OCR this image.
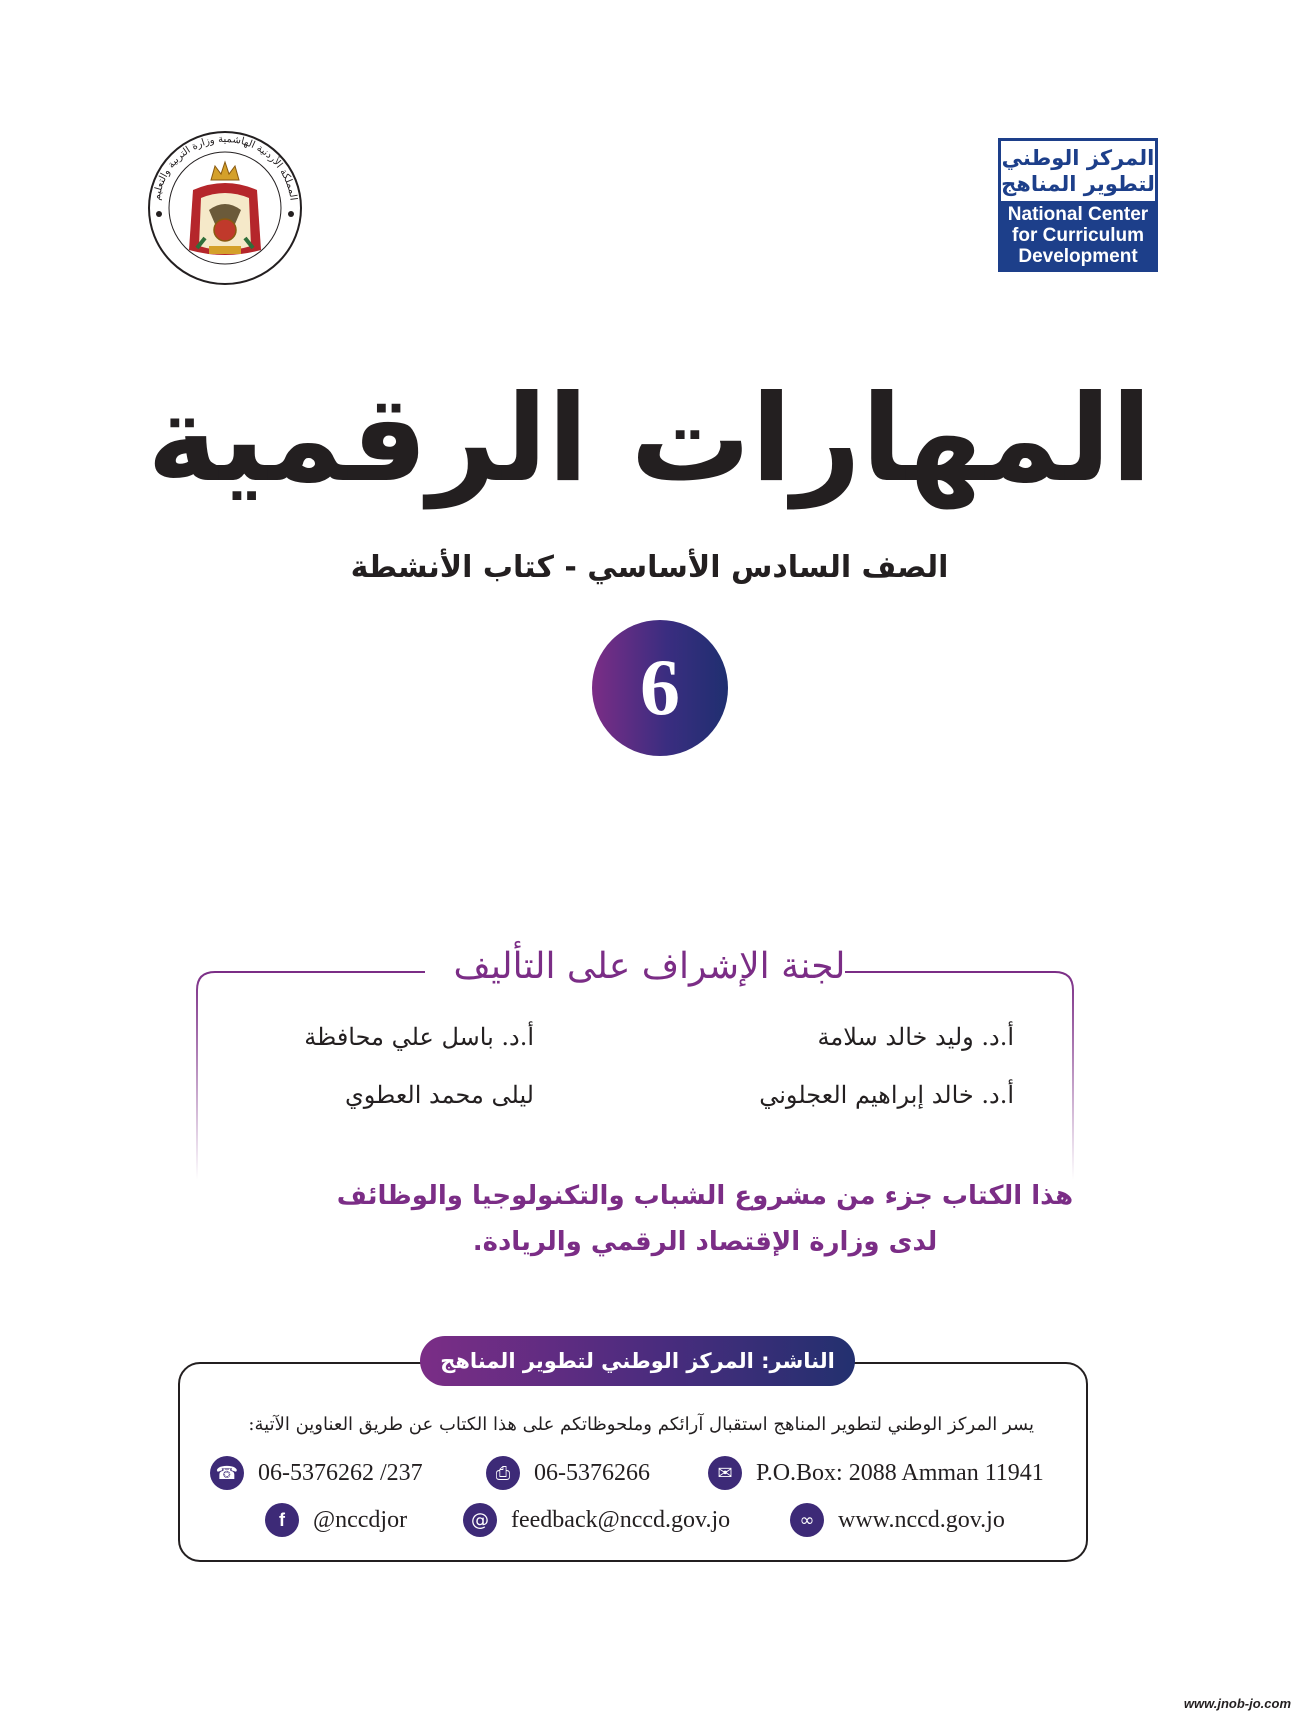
المملكة الأردنية الهاشمية وزارة التربية والتعليم
المركز الوطني
لتطوير المناهج
National Center
for Curriculum
Development
المهارات الرقمية
الصف السادس الأساسي - كتاب الأنشطة
6
لجنة الإشراف على التأليف
أ.د. وليد خالد سلامة
أ.د. باسل علي محافظة
أ.د. خالد إبراهيم العجلوني
ليلى محمد العطوي
هذا الكتاب جزء من مشروع الشباب والتكنولوجيا والوظائف
لدى وزارة الإقتصاد الرقمي والريادة.
الناشر: المركز الوطني لتطوير المناهج
يسر المركز الوطني لتطوير المناهج استقبال آرائكم وملحوظاتكم على هذا الكتاب عن طريق العناوين الآتية:
☎ 06-5376262 /237	⎙ 06-5376266	✉ P.O.Box: 2088 Amman 11941
f	@nccdjor	@ feedback@nccd.gov.jo	∞ www.nccd.gov.jo
www.jnob-jo.com
